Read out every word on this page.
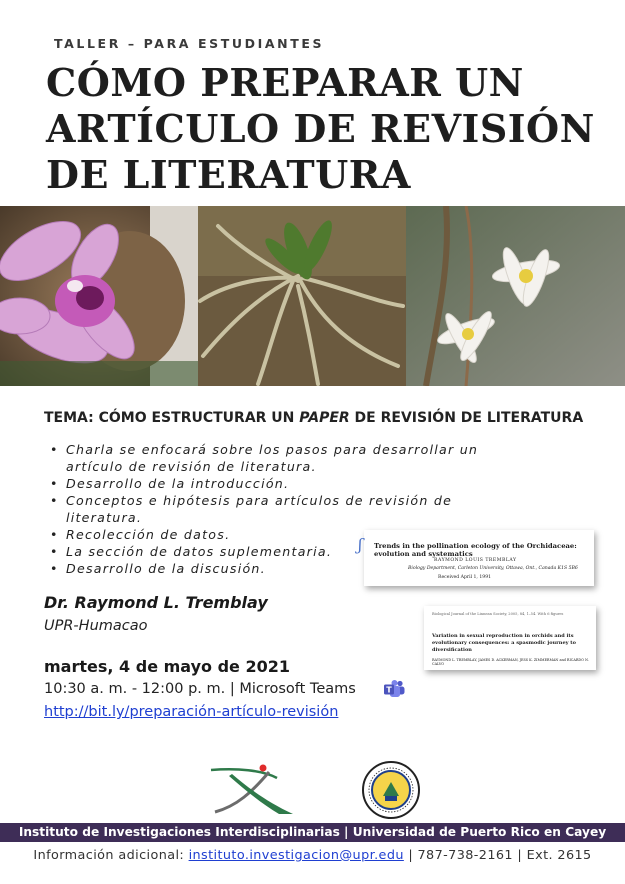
TALLER – PARA ESTUDIANTES
CÓMO PREPARAR UN
ARTÍCULO DE REVISIÓN
DE LITERATURA
TEMA: CÓMO ESTRUCTURAR UN PAPER DE REVISIÓN DE LITERATURA
• Charla se enfocará sobre los pasos para desarrollar un artículo de revisión de literatura.
• Desarrollo de la introducción.
• Conceptos e hipótesis para artículos de revisión de literatura.
• Recolección de datos.
• La sección de datos suplementaria.
• Desarrollo de la discusión.
ʃ Trends in the pollination ecology of the Orchidaceae: evolution and systematics
RAYMOND LOUIS TREMBLAY
Biology Department, Carleton University, Ottawa, Ont., Canada K1S 5B6
Received April 1, 1991
Biological Journal of the Linnean Society, 2005, 84, 1–54. With 6 figures
Variation in sexual reproduction in orchids and its evolutionary consequences: a spasmodic journey to diversification
RAYMOND L. TREMBLAY, JAMES D. ACKERMAN, JESS K. ZIMMERMAN and RICARDO N. CALVO
Dr. Raymond L. Tremblay
UPR-Humacao
martes, 4 de mayo de 2021
10:30 a. m. - 12:00 p. m. | Microsoft Teams	T
http://bit.ly/preparación-artículo-revisión
Instituto de Investigaciones Interdisciplinarias | Universidad de Puerto Rico en Cayey
Información adicional: instituto.investigacion@upr.edu | 787-738-2161 | Ext. 2615
